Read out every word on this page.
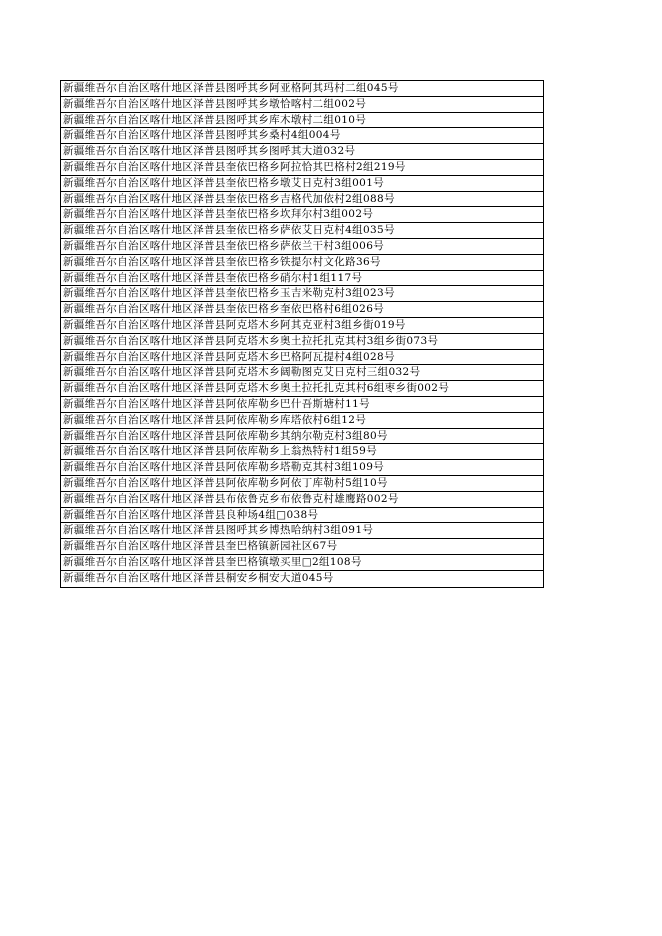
新疆维吾尔自治区喀什地区泽普县图呼其乡阿亚格阿其玛村二组045号
新疆维吾尔自治区喀什地区泽普县图呼其乡墩恰喀村二组002号
新疆维吾尔自治区喀什地区泽普县图呼其乡库木墩村二组010号
新疆维吾尔自治区喀什地区泽普县图呼其乡桑村4组004号
新疆维吾尔自治区喀什地区泽普县图呼其乡图呼其大道032号
新疆维吾尔自治区喀什地区泽普县奎依巴格乡阿拉恰其巴格村2组219号
新疆维吾尔自治区喀什地区泽普县奎依巴格乡墩艾日克村3组001号
新疆维吾尔自治区喀什地区泽普县奎依巴格乡吉格代加依村2组088号
新疆维吾尔自治区喀什地区泽普县奎依巴格乡坎拜尔村3组002号
新疆维吾尔自治区喀什地区泽普县奎依巴格乡萨依艾日克村4组035号
新疆维吾尔自治区喀什地区泽普县奎依巴格乡萨依兰干村3组006号
新疆维吾尔自治区喀什地区泽普县奎依巴格乡铁提尔村文化路36号
新疆维吾尔自治区喀什地区泽普县奎依巴格乡硝尔村1组117号
新疆维吾尔自治区喀什地区泽普县奎依巴格乡玉吉米勒克村3组023号
新疆维吾尔自治区喀什地区泽普县奎依巴格乡奎依巴格村6组026号
新疆维吾尔自治区喀什地区泽普县阿克塔木乡阿其克亚村3组乡街019号
新疆维吾尔自治区喀什地区泽普县阿克塔木乡奥土拉托扎克其村3组乡街073号
新疆维吾尔自治区喀什地区泽普县阿克塔木乡巴格阿瓦提村4组028号
新疆维吾尔自治区喀什地区泽普县阿克塔木乡阔勒图克艾日克村三组032号
新疆维吾尔自治区喀什地区泽普县阿克塔木乡奥土拉托扎克其村6组枣乡街002号
新疆维吾尔自治区喀什地区泽普县阿依库勒乡巴什吾斯塘村11号
新疆维吾尔自治区喀什地区泽普县阿依库勒乡库塔依村6组12号
新疆维吾尔自治区喀什地区泽普县阿依库勒乡其纳尔勒克村3组80号
新疆维吾尔自治区喀什地区泽普县阿依库勒乡上翁热特村1组59号
新疆维吾尔自治区喀什地区泽普县阿依库勒乡塔勒克其村3组109号
新疆维吾尔自治区喀什地区泽普县阿依库勒乡阿依丁库勒村5组10号
新疆维吾尔自治区喀什地区泽普县布依鲁克乡布依鲁克村雄鹰路002号
新疆维吾尔自治区喀什地区泽普县良种场4组□038号
新疆维吾尔自治区喀什地区泽普县图呼其乡博热哈纳村3组091号
新疆维吾尔自治区喀什地区泽普县奎巴格镇新园社区67号
新疆维吾尔自治区喀什地区泽普县奎巴格镇墩买里□2组108号
新疆维吾尔自治区喀什地区泽普县桐安乡桐安大道045号
